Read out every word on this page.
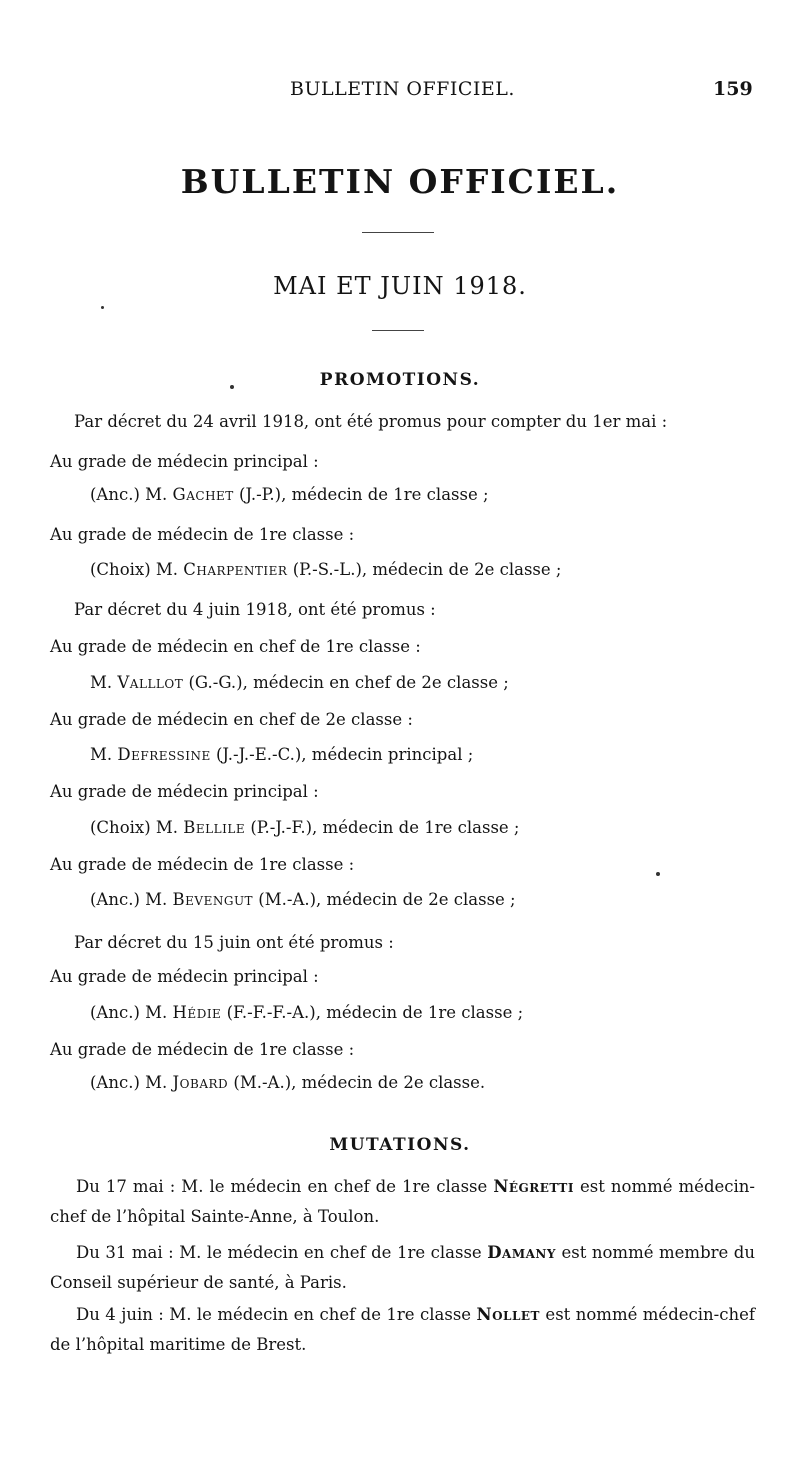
BULLETIN OFFICIEL.	159
BULLETIN OFFICIEL.
MAI ET JUIN 1918.
PROMOTIONS.
Par décret du 24 avril 1918, ont été promus pour compter du 1er mai :
Au grade de médecin principal :
(Anc.) M. Gachet (J.-P.), médecin de 1re classe ;
Au grade de médecin de 1re classe :
(Choix) M. Charpentier (P.-S.-L.), médecin de 2e classe ;
Par décret du 4 juin 1918, ont été promus :
Au grade de médecin en chef de 1re classe :
M. Valllot (G.-G.), médecin en chef de 2e classe ;
Au grade de médecin en chef de 2e classe :
M. Defressine (J.-J.-E.-C.), médecin principal ;
Au grade de médecin principal :
(Choix) M. Bellile (P.-J.-F.), médecin de 1re classe ;
Au grade de médecin de 1re classe :
(Anc.) M. Bevengut (M.-A.), médecin de 2e classe ;
Par décret du 15 juin ont été promus :
Au grade de médecin principal :
(Anc.) M. Hédie (F.-F.-F.-A.), médecin de 1re classe ;
Au grade de médecin de 1re classe :
(Anc.) M. Jobard (M.-A.), médecin de 2e classe.
MUTATIONS.
Du 17 mai : M. le médecin en chef de 1re classe Négretti est nommé médecin-chef de l’hôpital Sainte-Anne, à Toulon.
Du 31 mai : M. le médecin en chef de 1re classe Damany est nommé membre du Conseil supérieur de santé, à Paris.
Du 4 juin : M. le médecin en chef de 1re classe Nollet est nommé médecin-chef de l’hôpital maritime de Brest.
